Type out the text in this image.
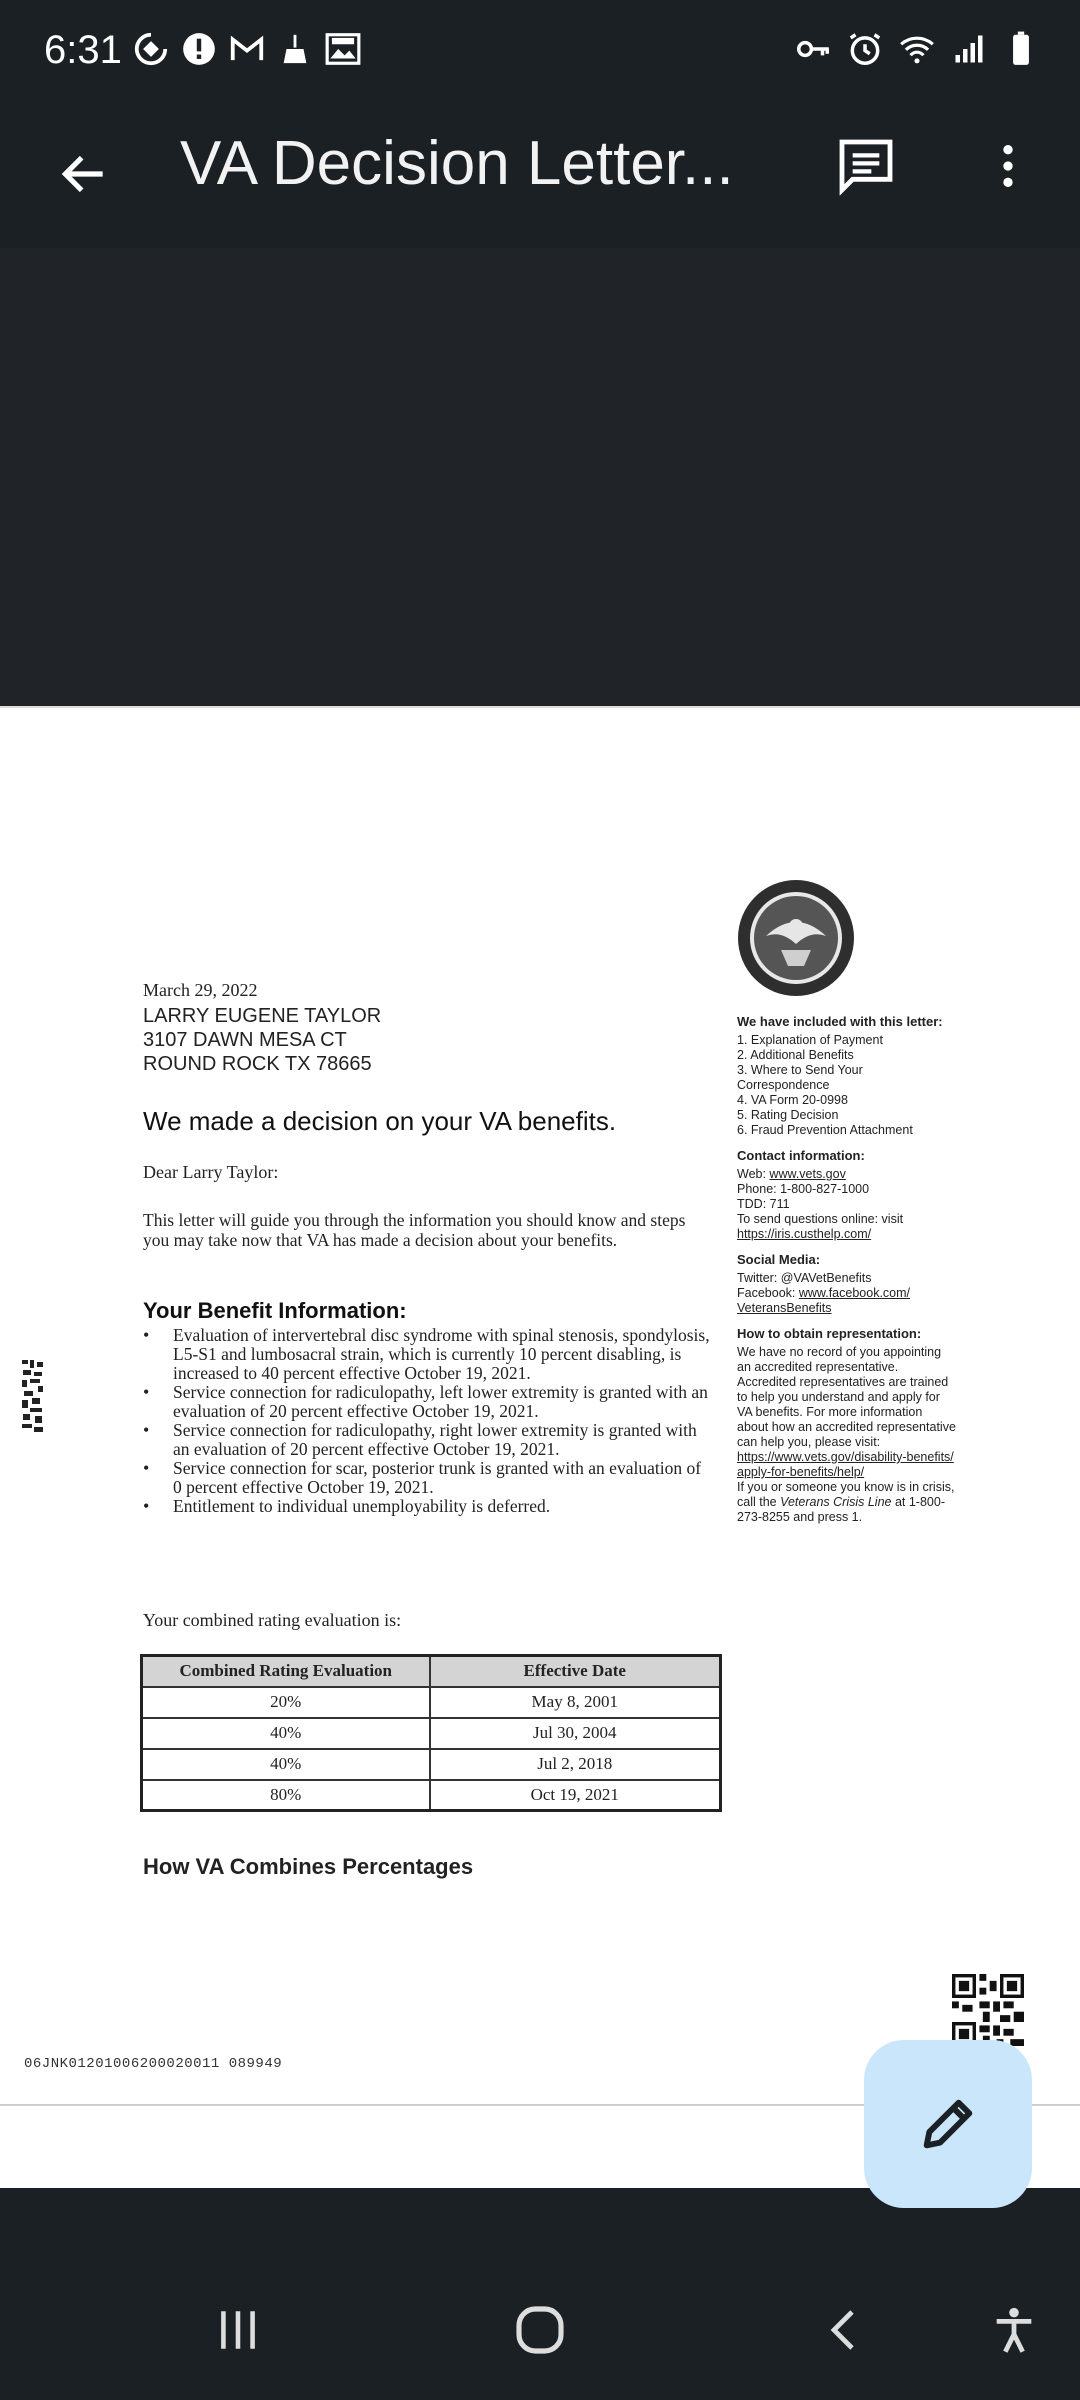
6:31
VA Decision Letter...
March 29, 2022
LARRY EUGENE TAYLOR
3107 DAWN MESA CT
ROUND ROCK TX 78665
We made a decision on your VA benefits.
Dear Larry Taylor:
This letter will guide you through the information you should know and steps you may take now that VA has made a decision about your benefits.
Your Benefit Information:
• Evaluation of intervertebral disc syndrome with spinal stenosis, spondylosis, L5-S1 and lumbosacral strain, which is currently 10 percent disabling, is increased to 40 percent effective October 19, 2021.
• Service connection for radiculopathy, left lower extremity is granted with an evaluation of 20 percent effective October 19, 2021.
• Service connection for radiculopathy, right lower extremity is granted with an evaluation of 20 percent effective October 19, 2021.
• Service connection for scar, posterior trunk is granted with an evaluation of 0 percent effective October 19, 2021.
• Entitlement to individual unemployability is deferred.
Your combined rating evaluation is:
Combined Rating Evaluation	Effective Date
20%	May 8, 2001
40%	Jul 30, 2004
40%	Jul 2, 2018
80%	Oct 19, 2021
How VA Combines Percentages
We have included with this letter:

1. Explanation of Payment

2. Additional Benefits

3. Where to Send Your

Correspondence

4. VA Form 20-0998

5. Rating Decision

6. Fraud Prevention Attachment

Contact information:

Web: www.vets.gov

Phone: 1-800-827-1000

TDD: 711

To send questions online: visit

https://iris.custhelp.com/

Social Media:

Twitter: @VAVetBenefits

Facebook: www.facebook.com/

VeteransBenefits

How to obtain representation:

We have no record of you appointing an accredited representative. Accredited representatives are trained to help you understand and apply for VA benefits. For more information about how an accredited representative can help you, please visit:

https://www.vets.gov/disability-benefits/apply-for-benefits/help/

If you or someone you know is in crisis, call the Veterans Crisis Line at 1-800-273-8255 and press 1.

06JNK01201006200020011 089949
